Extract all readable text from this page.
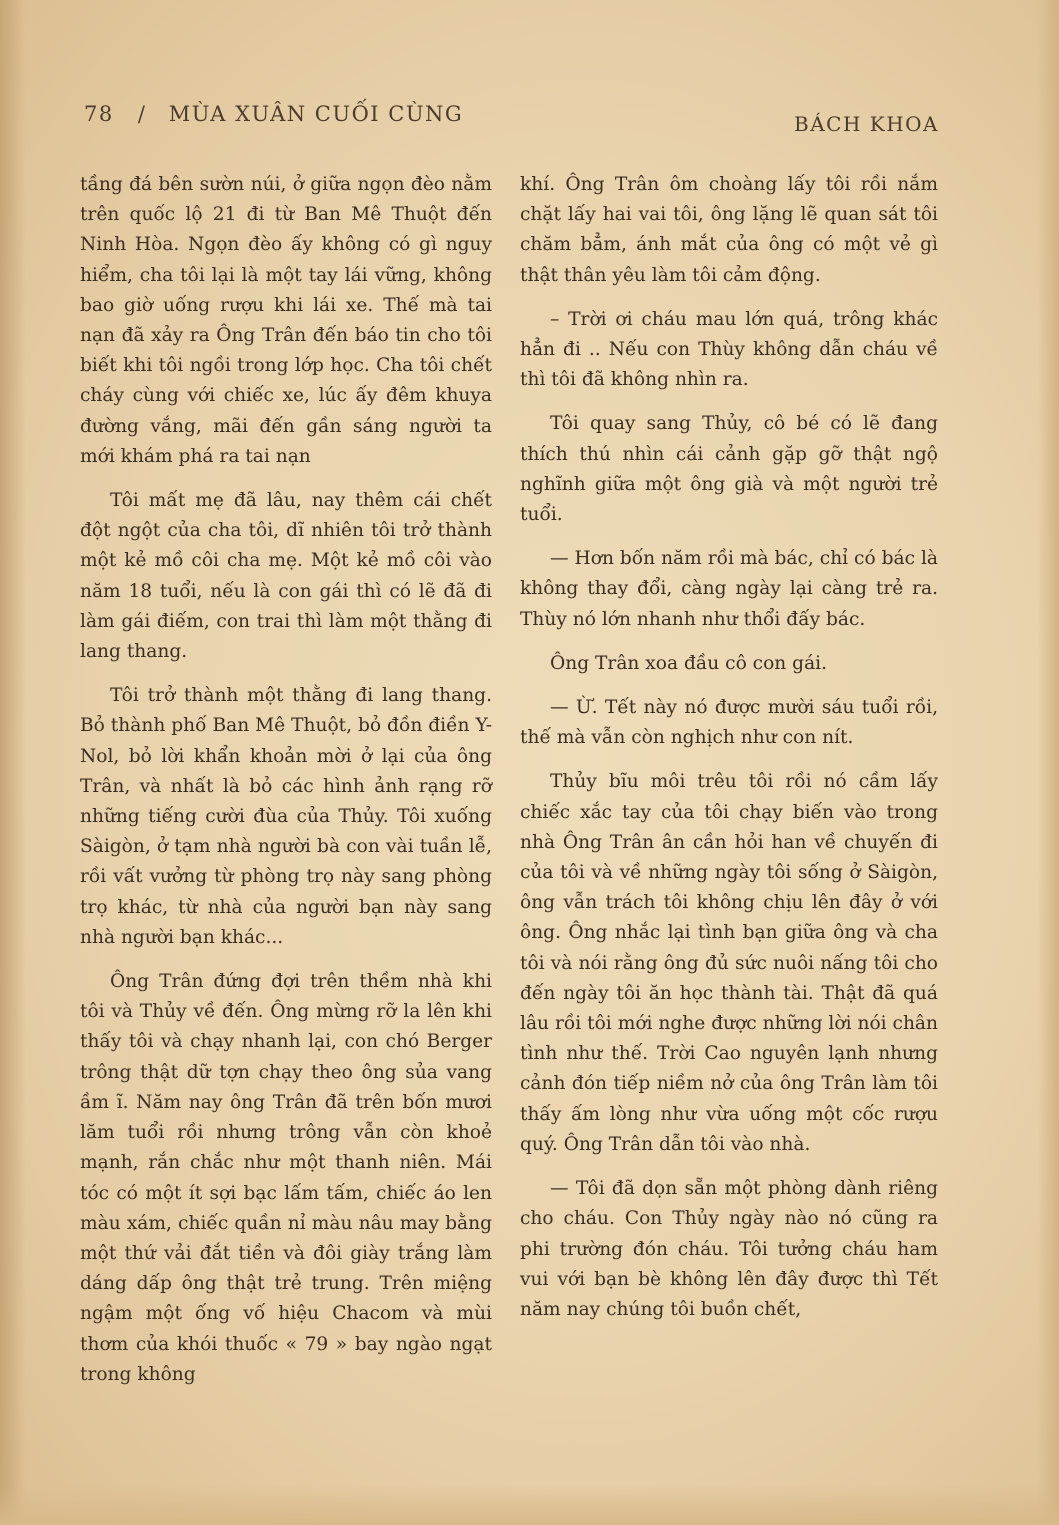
78 / MÙA XUÂN CUỐI CÙNG	BÁCH KHOA

tầng đá bên sườn núi, ở giữa ngọn đèo nằm trên quốc lộ 21 đi từ Ban Mê Thuột đến Ninh Hòa. Ngọn đèo ấy không có gì nguy hiểm, cha tôi lại là một tay lái vững, không bao giờ uống rượu khi lái xe. Thế mà tai nạn đã xảy ra Ông Trân đến báo tin cho tôi biết khi tôi ngồi trong lớp học. Cha tôi chết cháy cùng với chiếc xe, lúc ấy đêm khuya đường vắng, mãi đến gần sáng người ta mới khám phá ra tai nạn

Tôi mất mẹ đã lâu, nay thêm cái chết đột ngột của cha tôi, dĩ nhiên tôi trở thành một kẻ mồ côi cha mẹ. Một kẻ mồ côi vào năm 18 tuổi, nếu là con gái thì có lẽ đã đi làm gái điếm, con trai thì làm một thằng đi lang thang.

Tôi trở thành một thằng đi lang thang. Bỏ thành phố Ban Mê Thuột, bỏ đồn điền Y-Nol, bỏ lời khẩn khoản mời ở lại của ông Trân, và nhất là bỏ các hình ảnh rạng rỡ những tiếng cười đùa của Thủy. Tôi xuống Sàigòn, ở tạm nhà người bà con vài tuần lễ, rồi vất vưởng từ phòng trọ này sang phòng trọ khác, từ nhà của người bạn này sang nhà người bạn khác...

Ông Trân đứng đợi trên thềm nhà khi tôi và Thủy về đến. Ông mừng rỡ la lên khi thấy tôi và chạy nhanh lại, con chó Berger trông thật dữ tợn chạy theo ông sủa vang ầm ĩ. Năm nay ông Trân đã trên bốn mươi lăm tuổi rồi nhưng trông vẫn còn khoẻ mạnh, rắn chắc như một thanh niên. Mái tóc có một ít sợi bạc lấm tấm, chiếc áo len màu xám, chiếc quần nỉ màu nâu may bằng một thứ vải đắt tiền và đôi giày trắng làm dáng dấp ông thật trẻ trung. Trên miệng ngậm một ống vố hiệu Chacom và mùi thơm của khói thuốc « 79 » bay ngào ngạt trong không

khí. Ông Trân ôm choàng lấy tôi rồi nắm chặt lấy hai vai tôi, ông lặng lẽ quan sát tôi chăm bẳm, ánh mắt của ông có một vẻ gì thật thân yêu làm tôi cảm động.

– Trời ơi cháu mau lớn quá, trông khác hẳn đi .. Nếu con Thùy không dẫn cháu về thì tôi đã không nhìn ra.

Tôi quay sang Thủy, cô bé có lẽ đang thích thú nhìn cái cảnh gặp gỡ thật ngộ nghĩnh giữa một ông già và một người trẻ tuổi.

— Hơn bốn năm rồi mà bác, chỉ có bác là không thay đổi, càng ngày lại càng trẻ ra. Thùy nó lớn nhanh như thổi đấy bác.

Ông Trân xoa đầu cô con gái.

— Ừ. Tết này nó được mười sáu tuổi rồi, thế mà vẫn còn nghịch như con nít.

Thủy bĩu môi trêu tôi rồi nó cầm lấy chiếc xắc tay của tôi chạy biến vào trong nhà Ông Trân ân cần hỏi han về chuyến đi của tôi và về những ngày tôi sống ở Sàigòn, ông vẫn trách tôi không chịu lên đây ở với ông. Ông nhắc lại tình bạn giữa ông và cha tôi và nói rằng ông đủ sức nuôi nấng tôi cho đến ngày tôi ăn học thành tài. Thật đã quá lâu rồi tôi mới nghe được những lời nói chân tình như thế. Trời Cao nguyên lạnh nhưng cảnh đón tiếp niềm nở của ông Trân làm tôi thấy ấm lòng như vừa uống một cốc rượu quý. Ông Trân dẫn tôi vào nhà.

— Tôi đã dọn sẵn một phòng dành riêng cho cháu. Con Thủy ngày nào nó cũng ra phi trường đón cháu. Tôi tưởng cháu ham vui với bạn bè không lên đây được thì Tết năm nay chúng tôi buồn chết,
